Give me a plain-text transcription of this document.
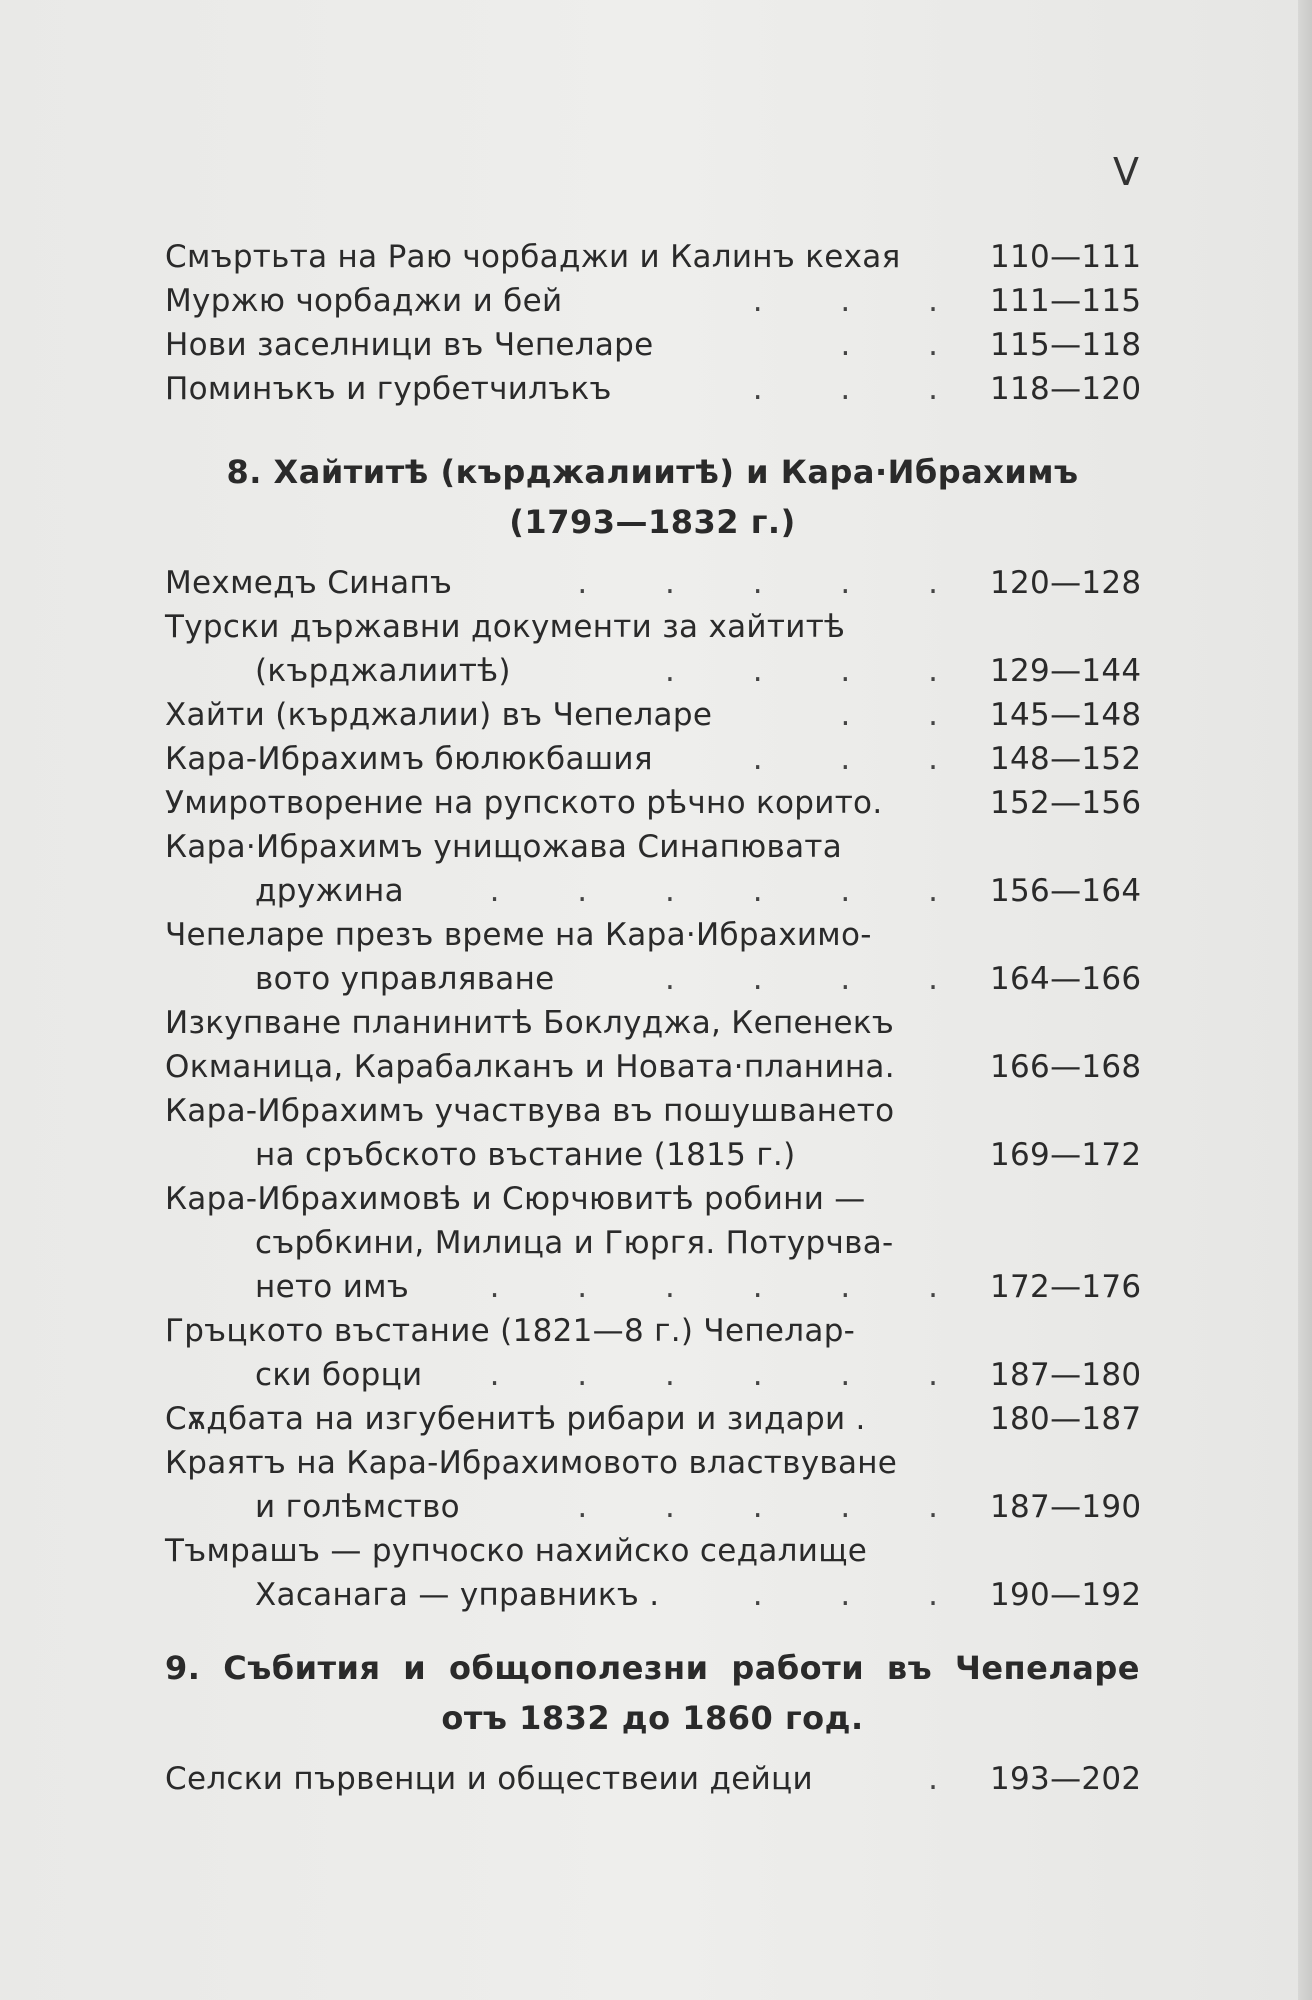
V
Смъртьта на Раю чорбаджи и Калинъ кехая	110—111
Мyржю чорбаджи и бей	. . . 111—115
Нови заселници въ Чепеларе	. . 115—118
Поминъкъ и гурбетчилъкъ	. . . 118—120
8. Хайтитѣ (кърджалиитѣ) и Кара·Ибрахимъ
(1793—1832 г.)
Мехмедъ Синапъ	. . . . . 120—128
Турски държавни документи за хайтитѣ
(кърджалиитѣ)	. . . . 129—144
Хайти (кърджалии) въ Чепеларе	. . 145—148
Кара-Ибрахимъ бюлюкбашия	. . . 148—152
Умиротворение на рупското рѣчно корито.	152—156
Кара·Ибрахимъ унищожава Синапювата
дружина	. . . . . . 156—164
Чепеларе презъ време на Кара·Ибрахимо-
вото управляване	. . . . 164—166
Изкупване планинитѣ Боклуджа, Кепенекъ
Окманица, Карабалканъ и Новата·планина.	166—168
Кара-Ибрахимъ участвува въ пошушването
на сръбското въстание (1815 г.)	169—172
Кара-Ибрахимовѣ и Сюрчювитѣ робини —
сърбкини, Милица и Гюргя. Потурчва-
нето имъ	. . . . . . 172—176
Гръцкото въстание (1821—8 г.) Чепелар-
ски борци	. . . . . . 187—180
Сѫдбата на изгубенитѣ рибари и зидари .	180—187
Краятъ на Кара-Ибрахимовото властвуване
и голѣмство	. . . . . 187—190
Тъмрашъ — рупчоско нахийско седалище
Хасанага — управникъ .	. . . 190—192
9. Събития и общополезни работи въ Чепеларе
отъ 1832 до 1860 год.
Селски първенци и обществеии дейци	. 193—202
